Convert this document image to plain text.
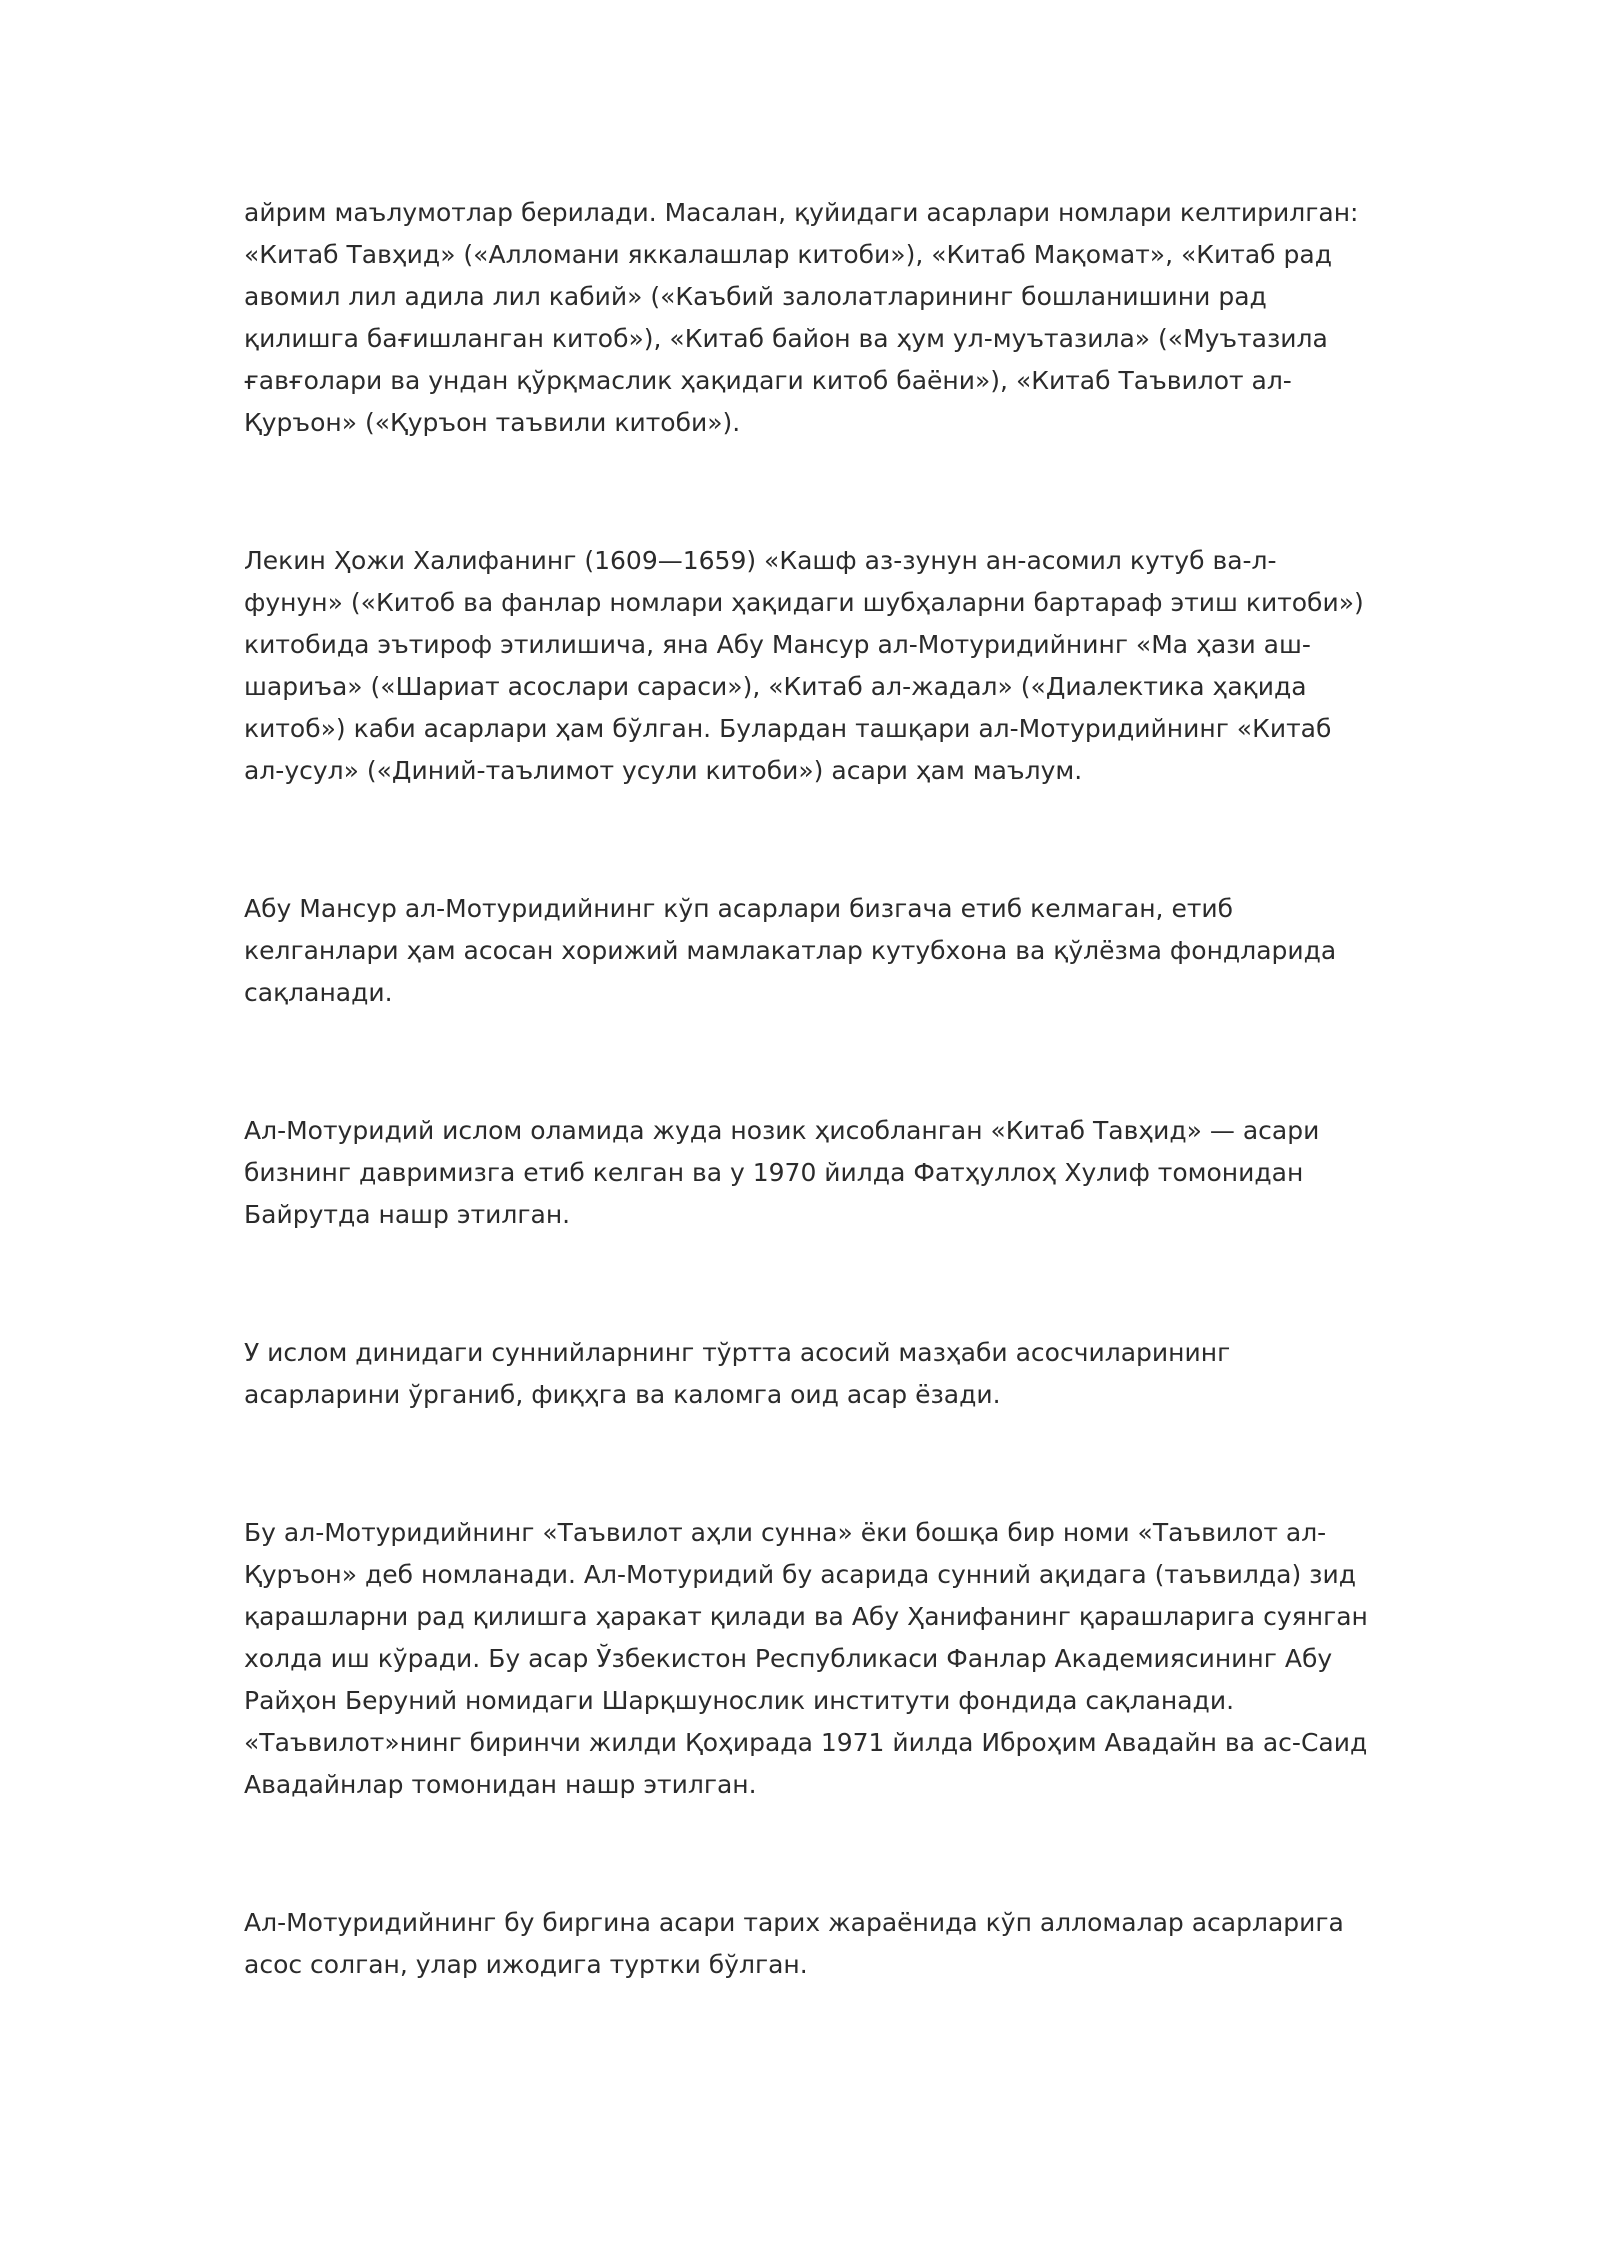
айрим маълумотлар берилади. Масалан, қуйидаги асарлари номлари келтирилган: «Китаб Тавҳид» («Алломани яккалашлар китоби»), «Китаб Мақомат», «Китаб рад авомил лил адила лил кабий» («Каъбий залолатларининг бошланишини рад қилишга бағишланган китоб»), «Китаб байон ва ҳум ул-муътазила» («Муътазила ғавғолари ва ундан қўрқмаслик ҳақидаги китоб баёни»), «Китаб Таъвилот ал-Қуръон» («Қуръон таъвили китоби»).

Лекин Ҳожи Халифанинг (1609—1659) «Кашф аз-зунун ан-асомил кутуб ва-л-фунун» («Китоб ва фанлар номлари ҳақидаги шубҳаларни бартараф этиш китоби») китобида эътироф этилишича, яна Абу Мансур ал-Мотуридийнинг «Ма ҳази аш-шариъа» («Шариат асослари сараси»), «Китаб ал-жадал» («Диалектика ҳақида китоб») каби асарлари ҳам бўлган. Булардан ташқари ал-Мотуридийнинг «Китаб ал-усул» («Диний-таълимот усули китоби») асари ҳам маълум.

Абу Мансур ал-Мотуридийнинг кўп асарлари бизгача етиб келмаган, етиб келганлари ҳам асосан хорижий мамлакатлар кутубхона ва қўлёзма фондларида сақланади.

Ал-Мотуридий ислом оламида жуда нозик ҳисобланган «Китаб Тавҳид» — асари бизнинг давримизга етиб келган ва у 1970 йилда Фатҳуллоҳ Хулиф томонидан Байрутда нашр этилган.

У ислом динидаги суннийларнинг тўртта асосий мазҳаби асосчиларининг асарларини ўрганиб, фиқҳга ва каломга оид асар ёзади.

Бу ал-Мотуридийнинг «Таъвилот аҳли сунна» ёки бошқа бир номи «Таъвилот ал-Қуръон» деб номланади. Ал-Мотуридий бу асарида сунний ақидага (таъвилда) зид қарашларни рад қилишга ҳаракат қилади ва Абу Ҳанифанинг қарашларига суянган холда иш кўради. Бу асар Ўзбекистон Республикаси Фанлар Академиясининг Абу Райҳон Беруний номидаги Шарқшунослик институти фондида сақланади. «Таъвилот»нинг биринчи жилди Қоҳирада 1971 йилда Иброҳим Авадайн ва ас-Саид Авадайнлар томонидан нашр этилган.

Ал-Мотуридийнинг бу биргина асари тарих жараёнида кўп алломалар асарларига асос солган, улар ижодига туртки бўлган.
